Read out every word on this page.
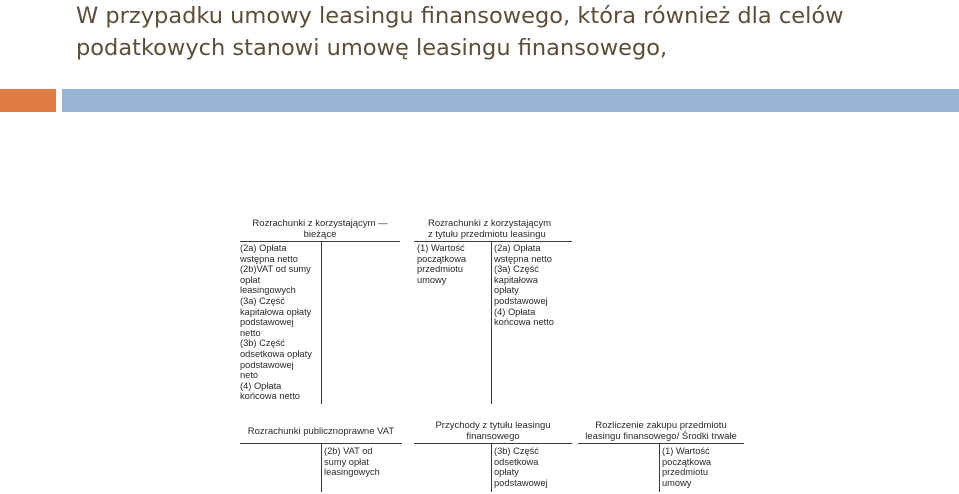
W przypadku umowy leasingu finansowego, która również dla celów
podatkowych stanowi umowę leasingu finansowego,
Rozrachunki z korzystającym —
bieżące
(2a) Opłata
wstępna netto
(2b)VAT od sumy
opłat
leasingowych
(3a) Część
kapitałowa opłaty
podstawowej
netto
(3b) Część
odsetkowa opłaty
podstawowej
neto
(4) Opłata
końcowa netto
Rozrachunki z korzystającym
z tytułu przedmiotu leasingu
(1) Wartość
początkowa
przedmiotu
umowy
(2a) Opłata
wstępna netto
(3a) Część
kapitałowa
opłaty
podstawowej
(4) Opłata
końcowa netto
Rozrachunki publicznoprawne VAT
(2b) VAT od
sumy opłat
leasingowych
Przychody z tytułu leasingu
finansowego
(3b) Część
odsetkowa
opłaty
podstawowej
Rozliczenie zakupu przedmiotu
leasingu finansowego/ Środki trwałe
(1) Wartość
początkowa
przedmiotu
umowy
